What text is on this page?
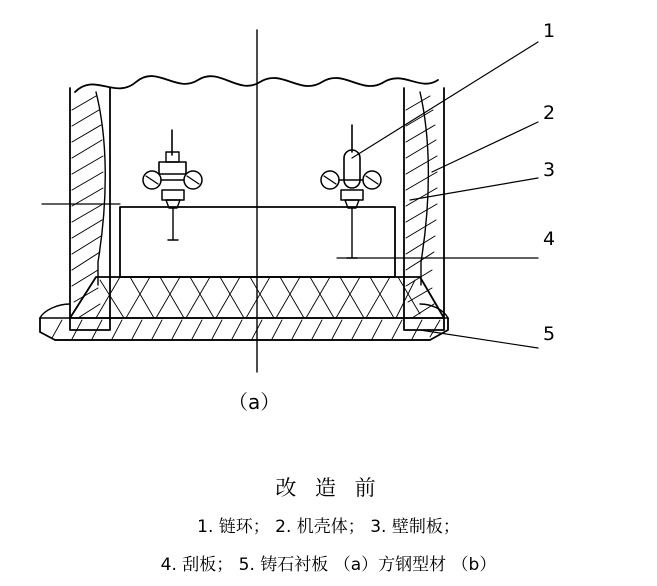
1
2
3
4
5
（a）
改 造 前
1. 链环； 2. 机壳体； 3. 壁制板；
4. 刮板； 5. 铸石衬板 （a）方钢型材 （b）
